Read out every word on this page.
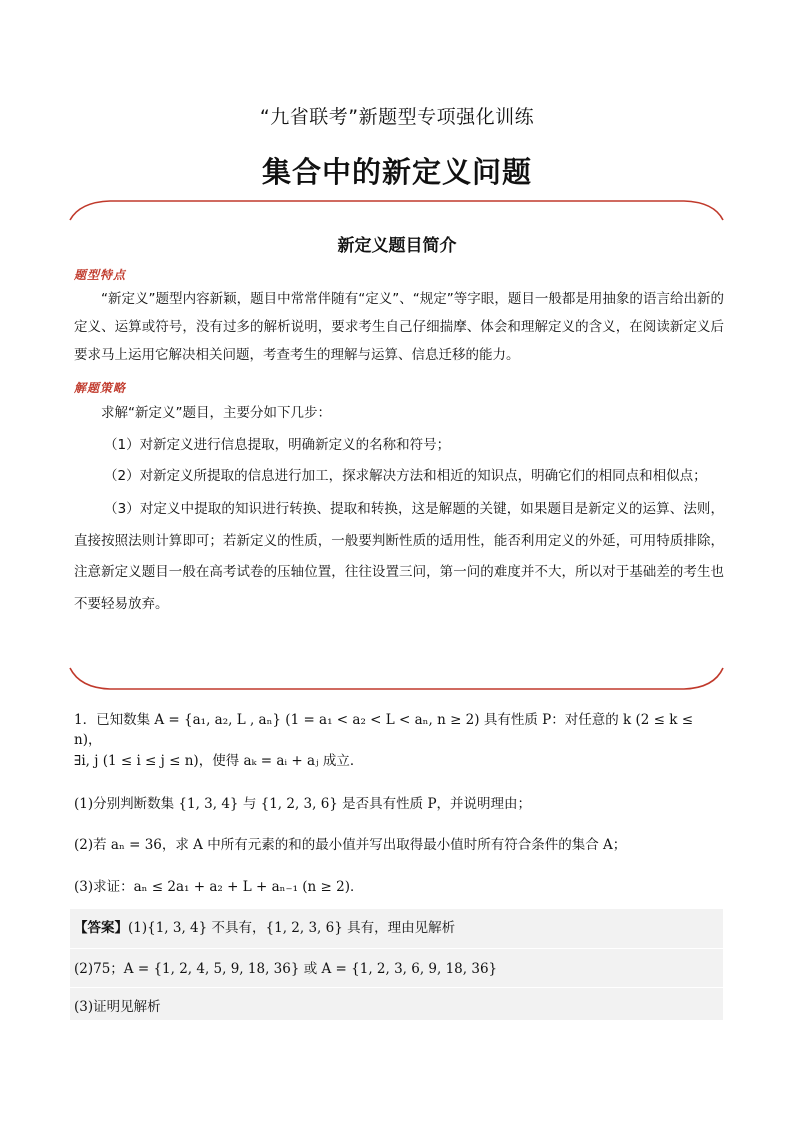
“九省联考”新题型专项强化训练
集合中的新定义问题
新定义题目简介
题型特点
“新定义”题型内容新颖，题目中常常伴随有“定义”、“规定”等字眼，题目一般都是用抽象的语言给出新的定义、运算或符号，没有过多的解析说明，要求考生自己仔细揣摩、体会和理解定义的含义，在阅读新定义后要求马上运用它解决相关问题，考查考生的理解与运算、信息迁移的能力。
解题策略
求解“新定义”题目，主要分如下几步：
（1）对新定义进行信息提取，明确新定义的名称和符号；
（2）对新定义所提取的信息进行加工，探求解决方法和相近的知识点，明确它们的相同点和相似点；
（3）对定义中提取的知识进行转换、提取和转换，这是解题的关键，如果题目是新定义的运算、法则，直接按照法则计算即可；若新定义的性质，一般要判断性质的适用性，能否利用定义的外延，可用特质排除，注意新定义题目一般在高考试卷的压轴位置，往往设置三问，第一问的难度并不大，所以对于基础差的考生也不要轻易放弃。
1．已知数集 A = {a₁, a₂, L , aₙ} (1 = a₁ < a₂ < L < aₙ, n ≥ 2) 具有性质 P：对任意的 k (2 ≤ k ≤ n)，
∃i, j (1 ≤ i ≤ j ≤ n)，使得 aₖ = aᵢ + aⱼ 成立．
(1)分别判断数集 {1, 3, 4} 与 {1, 2, 3, 6} 是否具有性质 P，并说明理由；
(2)若 aₙ = 36，求 A 中所有元素的和的最小值并写出取得最小值时所有符合条件的集合 A；
(3)求证：aₙ ≤ 2a₁ + a₂ + L + aₙ₋₁ (n ≥ 2)．
【答案】(1){1, 3, 4} 不具有，{1, 2, 3, 6} 具有，理由见解析
(2)75；A = {1, 2, 4, 5, 9, 18, 36} 或 A = {1, 2, 3, 6, 9, 18, 36}
(3)证明见解析
